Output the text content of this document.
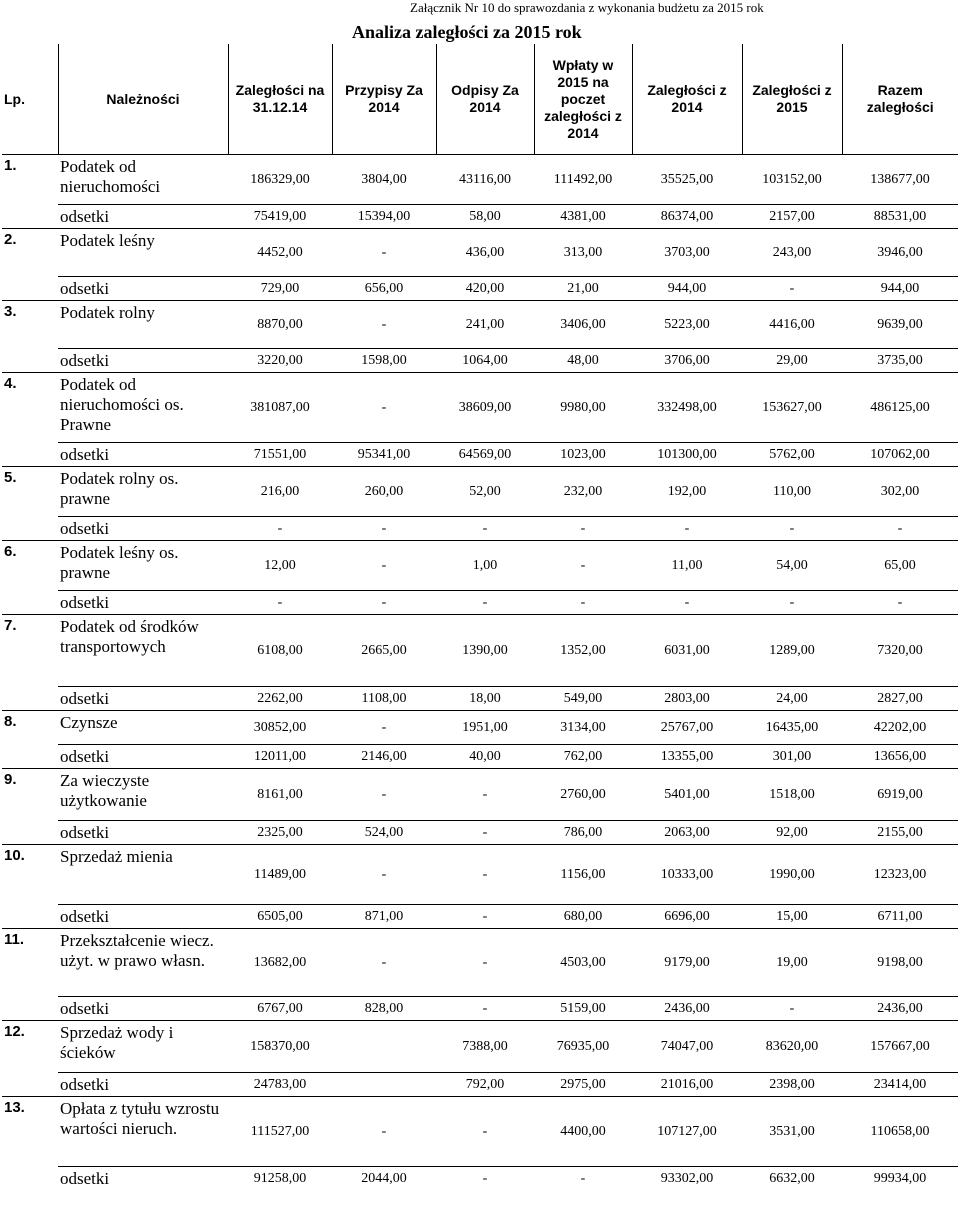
Załącznik Nr 10 do sprawozdania z wykonania budżetu za 2015 rok
Analiza zaległości za 2015 rok
Lp.	Należności	Zaległości na 31.12.14	Przypisy Za 2014	Odpisy Za 2014	Wpłaty w 2015 na poczet zaległości z 2014	Zaległości z 2014	Zaległości z 2015	Razem zaległości
1.	Podatek od nieruchomości	186329,00	3804,00	43116,00	111492,00	35525,00	103152,00	138677,00
	odsetki	75419,00	15394,00	58,00	4381,00	86374,00	2157,00	88531,00
2.	Podatek leśny	4452,00	-	436,00	313,00	3703,00	243,00	3946,00
	odsetki	729,00	656,00	420,00	21,00	944,00	-	944,00
3.	Podatek rolny	8870,00	-	241,00	3406,00	5223,00	4416,00	9639,00
	odsetki	3220,00	1598,00	1064,00	48,00	3706,00	29,00	3735,00
4.	Podatek od nieruchomości os. Prawne	381087,00	-	38609,00	9980,00	332498,00	153627,00	486125,00
	odsetki	71551,00	95341,00	64569,00	1023,00	101300,00	5762,00	107062,00
5.	Podatek rolny os. prawne	216,00	260,00	52,00	232,00	192,00	110,00	302,00
	odsetki	-	-	-	-	-	-	-
6.	Podatek leśny os. prawne	12,00	-	1,00	-	11,00	54,00	65,00
	odsetki	-	-	-	-	-	-	-
7.	Podatek od środków transportowych	6108,00	2665,00	1390,00	1352,00	6031,00	1289,00	7320,00
	odsetki	2262,00	1108,00	18,00	549,00	2803,00	24,00	2827,00
8.	Czynsze	30852,00	-	1951,00	3134,00	25767,00	16435,00	42202,00
	odsetki	12011,00	2146,00	40,00	762,00	13355,00	301,00	13656,00
9.	Za wieczyste użytkowanie	8161,00	-	-	2760,00	5401,00	1518,00	6919,00
	odsetki	2325,00	524,00	-	786,00	2063,00	92,00	2155,00
10.	Sprzedaż mienia	11489,00	-	-	1156,00	10333,00	1990,00	12323,00
	odsetki	6505,00	871,00	-	680,00	6696,00	15,00	6711,00
11.	Przekształcenie wiecz. użyt. w prawo własn.	13682,00	-	-	4503,00	9179,00	19,00	9198,00
	odsetki	6767,00	828,00	-	5159,00	2436,00	-	2436,00
12.	Sprzedaż wody i ścieków	158370,00		7388,00	76935,00	74047,00	83620,00	157667,00
	odsetki	24783,00		792,00	2975,00	21016,00	2398,00	23414,00
13.	Opłata z tytułu wzrostu wartości nieruch.	111527,00	-	-	4400,00	107127,00	3531,00	110658,00
	odsetki	91258,00	2044,00	-	-	93302,00	6632,00	99934,00
